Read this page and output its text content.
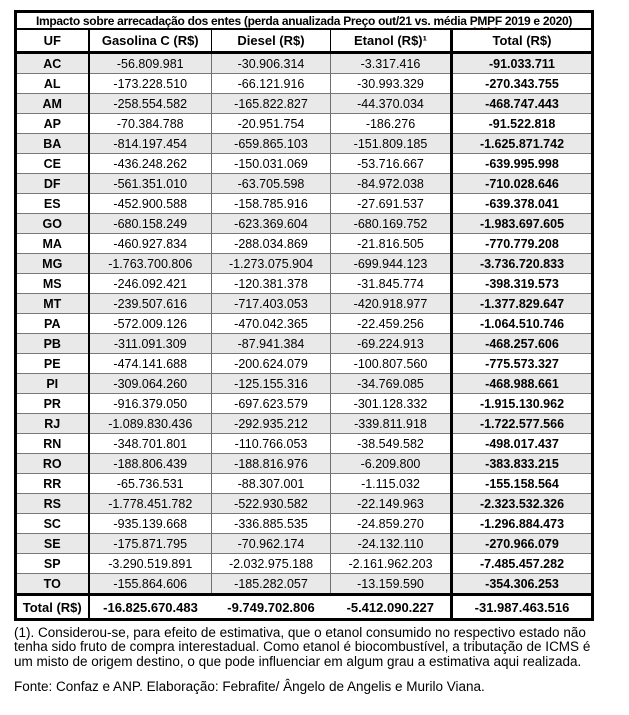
Impacto sobre arrecadação dos entes (perda anualizada Preço out/21 vs. média PMPF 2019 e 2020)				
UF	Gasolina C (R$)	Diesel (R$)	Etanol (R$)¹	Total (R$)
AC	-56.809.981	-30.906.314	-3.317.416	-91.033.711
AL	-173.228.510	-66.121.916	-30.993.329	-270.343.755
AM	-258.554.582	-165.822.827	-44.370.034	-468.747.443
AP	-70.384.788	-20.951.754	-186.276	-91.522.818
BA	-814.197.454	-659.865.103	-151.809.185	-1.625.871.742
CE	-436.248.262	-150.031.069	-53.716.667	-639.995.998
DF	-561.351.010	-63.705.598	-84.972.038	-710.028.646
ES	-452.900.588	-158.785.916	-27.691.537	-639.378.041
GO	-680.158.249	-623.369.604	-680.169.752	-1.983.697.605
MA	-460.927.834	-288.034.869	-21.816.505	-770.779.208
MG	-1.763.700.806	-1.273.075.904	-699.944.123	-3.736.720.833
MS	-246.092.421	-120.381.378	-31.845.774	-398.319.573
MT	-239.507.616	-717.403.053	-420.918.977	-1.377.829.647
PA	-572.009.126	-470.042.365	-22.459.256	-1.064.510.746
PB	-311.091.309	-87.941.384	-69.224.913	-468.257.606
PE	-474.141.688	-200.624.079	-100.807.560	-775.573.327
PI	-309.064.260	-125.155.316	-34.769.085	-468.988.661
PR	-916.379.050	-697.623.579	-301.128.332	-1.915.130.962
RJ	-1.089.830.436	-292.935.212	-339.811.918	-1.722.577.566
RN	-348.701.801	-110.766.053	-38.549.582	-498.017.437
RO	-188.806.439	-188.816.976	-6.209.800	-383.833.215
RR	-65.736.531	-88.307.001	-1.115.032	-155.158.564
RS	-1.778.451.782	-522.930.582	-22.149.963	-2.323.532.326
SC	-935.139.668	-336.885.535	-24.859.270	-1.296.884.473
SE	-175.871.795	-70.962.174	-24.132.110	-270.966.079
SP	-3.290.519.891	-2.032.975.188	-2.161.962.203	-7.485.457.282
TO	-155.864.606	-185.282.057	-13.159.590	-354.306.253
Total (R$)	-16.825.670.483	-9.749.702.806	-5.412.090.227	-31.987.463.516

(1). Considerou-se, para efeito de estimativa, que o etanol consumido no respectivo estado não tenha sido fruto de compra interestadual. Como etanol é biocombustível, a tributação de ICMS é um misto de origem destino, o que pode influenciar em algum grau a estimativa aqui realizada.

Fonte: Confaz e ANP. Elaboração: Febrafite/ Ângelo de Angelis e Murilo Viana.
